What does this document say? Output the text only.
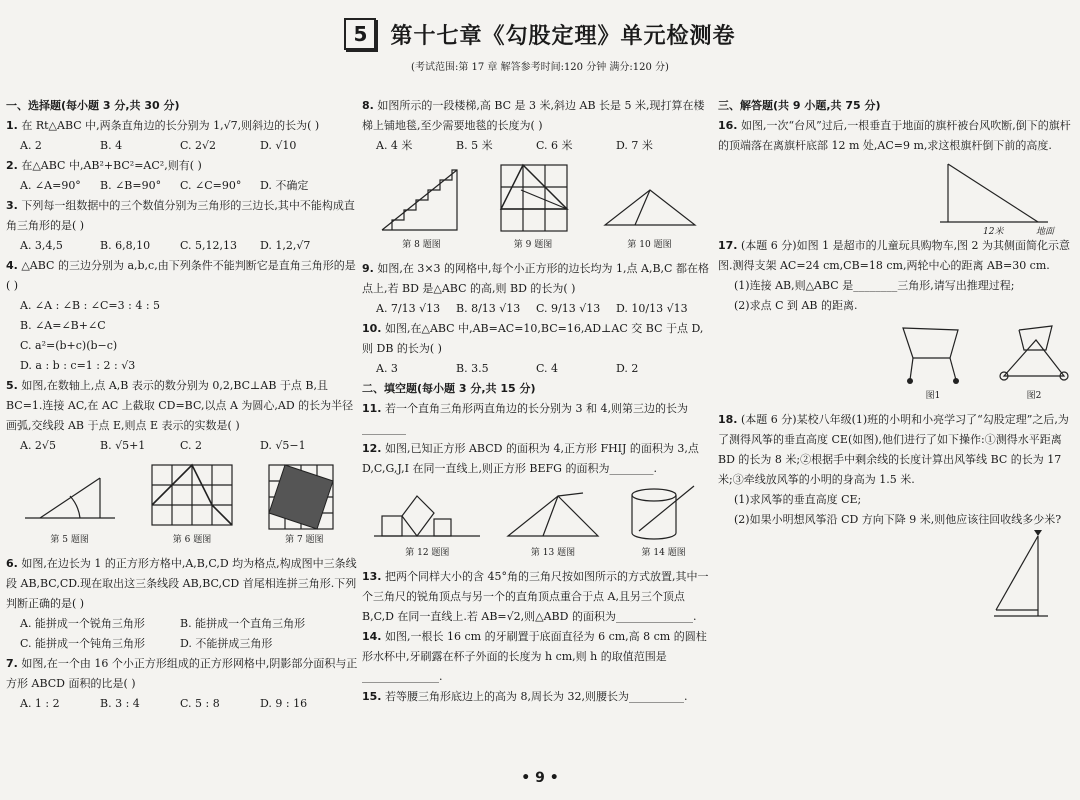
5	第十七章《勾股定理》单元检测卷
(考试范围:第 17 章 解答参考时间:120 分钟 满分:120 分)
一、选择题(每小题 3 分,共 30 分)
1. 在 Rt△ABC 中,两条直角边的长分别为 1,√7,则斜边的长为( )
A. 2	B. 4	C. 2√2	D. √10
2. 在△ABC 中,AB²+BC²=AC²,则有( )
A. ∠A=90°	B. ∠B=90°	C. ∠C=90°	D. 不确定
3. 下列每一组数据中的三个数值分别为三角形的三边长,其中不能构成直角三角形的是( )
A. 3,4,5	B. 6,8,10	C. 5,12,13	D. 1,2,√7
4. △ABC 的三边分别为 a,b,c,由下列条件不能判断它是直角三角形的是( )
A. ∠A : ∠B : ∠C=3 : 4 : 5
B. ∠A=∠B+∠C
C. a²=(b+c)(b−c)
D. a : b : c=1 : 2 : √3
5. 如图,在数轴上,点 A,B 表示的数分别为 0,2,BC⊥AB 于点 B,且 BC=1.连接 AC,在 AC 上截取 CD=BC,以点 A 为圆心,AD 的长为半径画弧,交线段 AB 于点 E,则点 E 表示的实数是( )
A. 2√5	B. √5+1	C. 2	D. √5−1
第 5 题图	第 6 题图	第 7 题图
6. 如图,在边长为 1 的正方形方格中,A,B,C,D 均为格点,构成图中三条线段 AB,BC,CD.现在取出这三条线段 AB,BC,CD 首尾相连拼三角形.下列判断正确的是( )
A. 能拼成一个锐角三角形	B. 能拼成一个直角三角形
C. 能拼成一个钝角三角形	D. 不能拼成三角形
7. 如图,在一个由 16 个小正方形组成的正方形网格中,阴影部分面积与正方形 ABCD 面积的比是( )
A. 1 : 2	B. 3 : 4	C. 5 : 8	D. 9 : 16
8. 如图所示的一段楼梯,高 BC 是 3 米,斜边 AB 长是 5 米,现打算在楼梯上铺地毯,至少需要地毯的长度为( )
A. 4 米	B. 5 米	C. 6 米	D. 7 米
第 8 题图	第 9 题图	第 10 题图
9. 如图,在 3×3 的网格中,每个小正方形的边长均为 1,点 A,B,C 都在格点上,若 BD 是△ABC 的高,则 BD 的长为( )
A. 7/13 √13	B. 8/13 √13	C. 9/13 √13	D. 10/13 √13
10. 如图,在△ABC 中,AB=AC=10,BC=16,AD⊥AC 交 BC 于点 D,则 DB 的长为( )
A. 3	B. 3.5	C. 4	D. 2
二、填空题(每小题 3 分,共 15 分)
11. 若一个直角三角形两直角边的长分别为 3 和 4,则第三边的长为________
12. 如图,已知正方形 ABCD 的面积为 4,正方形 FHIJ 的面积为 3,点 D,C,G,J,I 在同一直线上,则正方形 BEFG 的面积为________.
第 12 题图	第 13 题图	第 14 题图
13. 把两个同样大小的含 45°角的三角尺按如图所示的方式放置,其中一个三角尺的锐角顶点与另一个的直角顶点重合于点 A,且另三个顶点 B,C,D 在同一直线上.若 AB=√2,则△ABD 的面积为______________.
14. 如图,一根长 16 cm 的牙刷置于底面直径为 6 cm,高 8 cm 的圆柱形水杯中,牙刷露在杯子外面的长度为 h cm,则 h 的取值范围是______________.
15. 若等腰三角形底边上的高为 8,周长为 32,则腰长为__________.
三、解答题(共 9 小题,共 75 分)
16. 如图,一次“台风”过后,一根垂直于地面的旗杆被台风吹断,倒下的旗杆的顶端落在离旗杆底部 12 m 处,AC=9 m,求这根旗杆倒下前的高度.
12米	地面
17. (本题 6 分)如图 1 是超市的儿童玩具购物车,图 2 为其侧面简化示意图.测得支架 AC=24 cm,CB=18 cm,两轮中心的距离 AB=30 cm.
(1)连接 AB,则△ABC 是________三角形,请写出推理过程;
(2)求点 C 到 AB 的距离.
图1	图2
18. (本题 6 分)某校八年级(1)班的小明和小亮学习了“勾股定理”之后,为了测得风筝的垂直高度 CE(如图),他们进行了如下操作:①测得水平距离 BD 的长为 8 米;②根据手中剩余线的长度计算出风筝线 BC 的长为 17 米;③牵线放风筝的小明的身高为 1.5 米.
(1)求风筝的垂直高度 CE;
(2)如果小明想风筝沿 CD 方向下降 9 米,则他应该往回收线多少米?
• 9 •
